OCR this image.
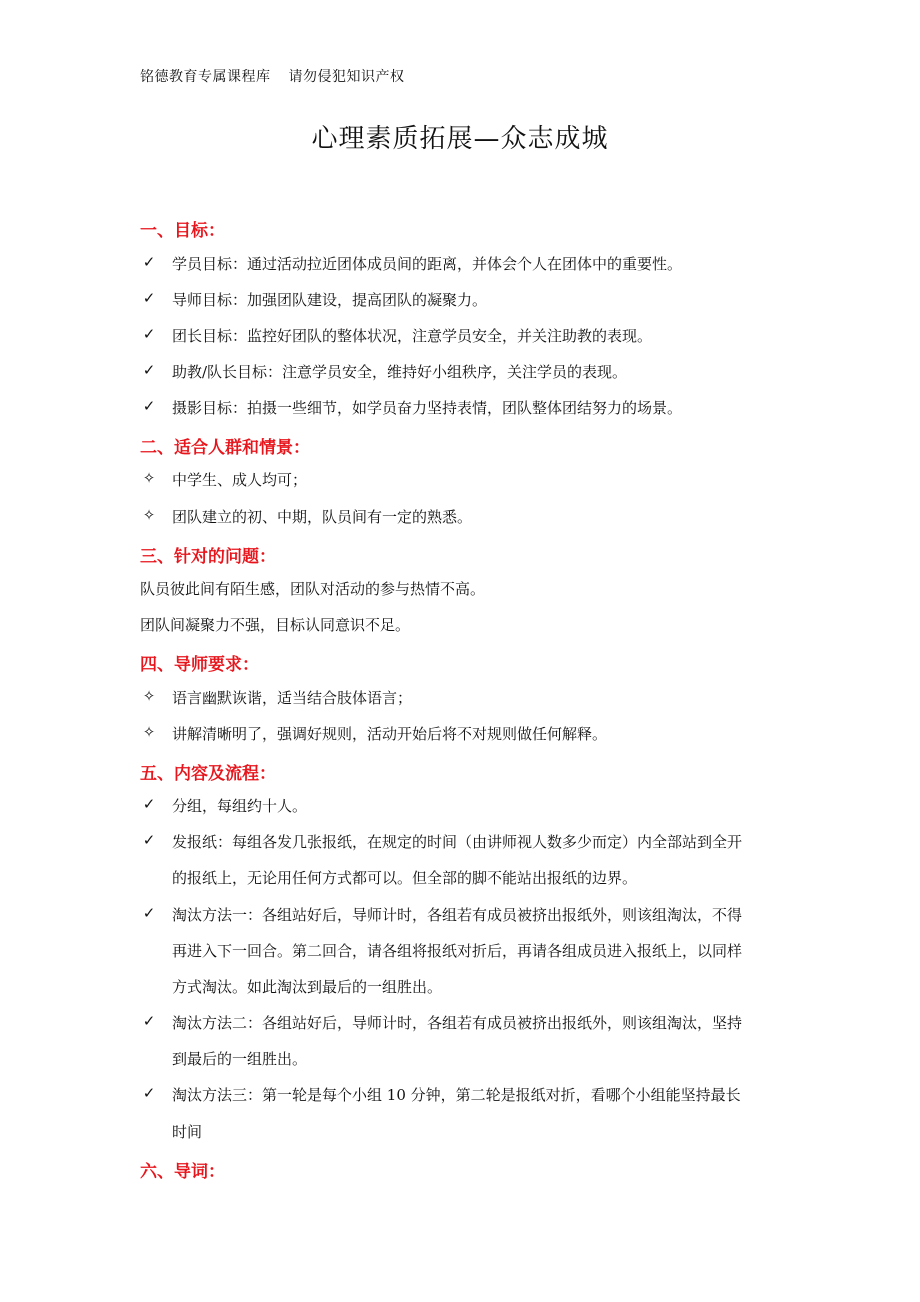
铭德教育专属课程库 请勿侵犯知识产权
心理素质拓展—众志成城
一、目标：
✓ 学员目标：通过活动拉近团体成员间的距离，并体会个人在团体中的重要性。
✓ 导师目标：加强团队建设，提高团队的凝聚力。
✓ 团长目标：监控好团队的整体状况，注意学员安全，并关注助教的表现。
✓ 助教/队长目标：注意学员安全，维持好小组秩序，关注学员的表现。
✓ 摄影目标：拍摄一些细节，如学员奋力坚持表情，团队整体团结努力的场景。
二、适合人群和情景：
✧ 中学生、成人均可；
✧ 团队建立的初、中期，队员间有一定的熟悉。
三、针对的问题：
队员彼此间有陌生感，团队对活动的参与热情不高。
团队间凝聚力不强，目标认同意识不足。
四、导师要求：
✧ 语言幽默诙谐，适当结合肢体语言；
✧ 讲解清晰明了，强调好规则，活动开始后将不对规则做任何解释。
五、内容及流程：
✓ 分组，每组约十人。
✓ 发报纸：每组各发几张报纸，在规定的时间（由讲师视人数多少而定）内全部站到全开
的报纸上，无论用任何方式都可以。但全部的脚不能站出报纸的边界。
✓ 淘汰方法一：各组站好后，导师计时，各组若有成员被挤出报纸外，则该组淘汰，不得
再进入下一回合。第二回合，请各组将报纸对折后，再请各组成员进入报纸上，以同样
方式淘汰。如此淘汰到最后的一组胜出。
✓ 淘汰方法二：各组站好后，导师计时，各组若有成员被挤出报纸外，则该组淘汰，坚持
到最后的一组胜出。
✓ 淘汰方法三：第一轮是每个小组 10 分钟，第二轮是报纸对折，看哪个小组能坚持最长
时间
六、导词：
